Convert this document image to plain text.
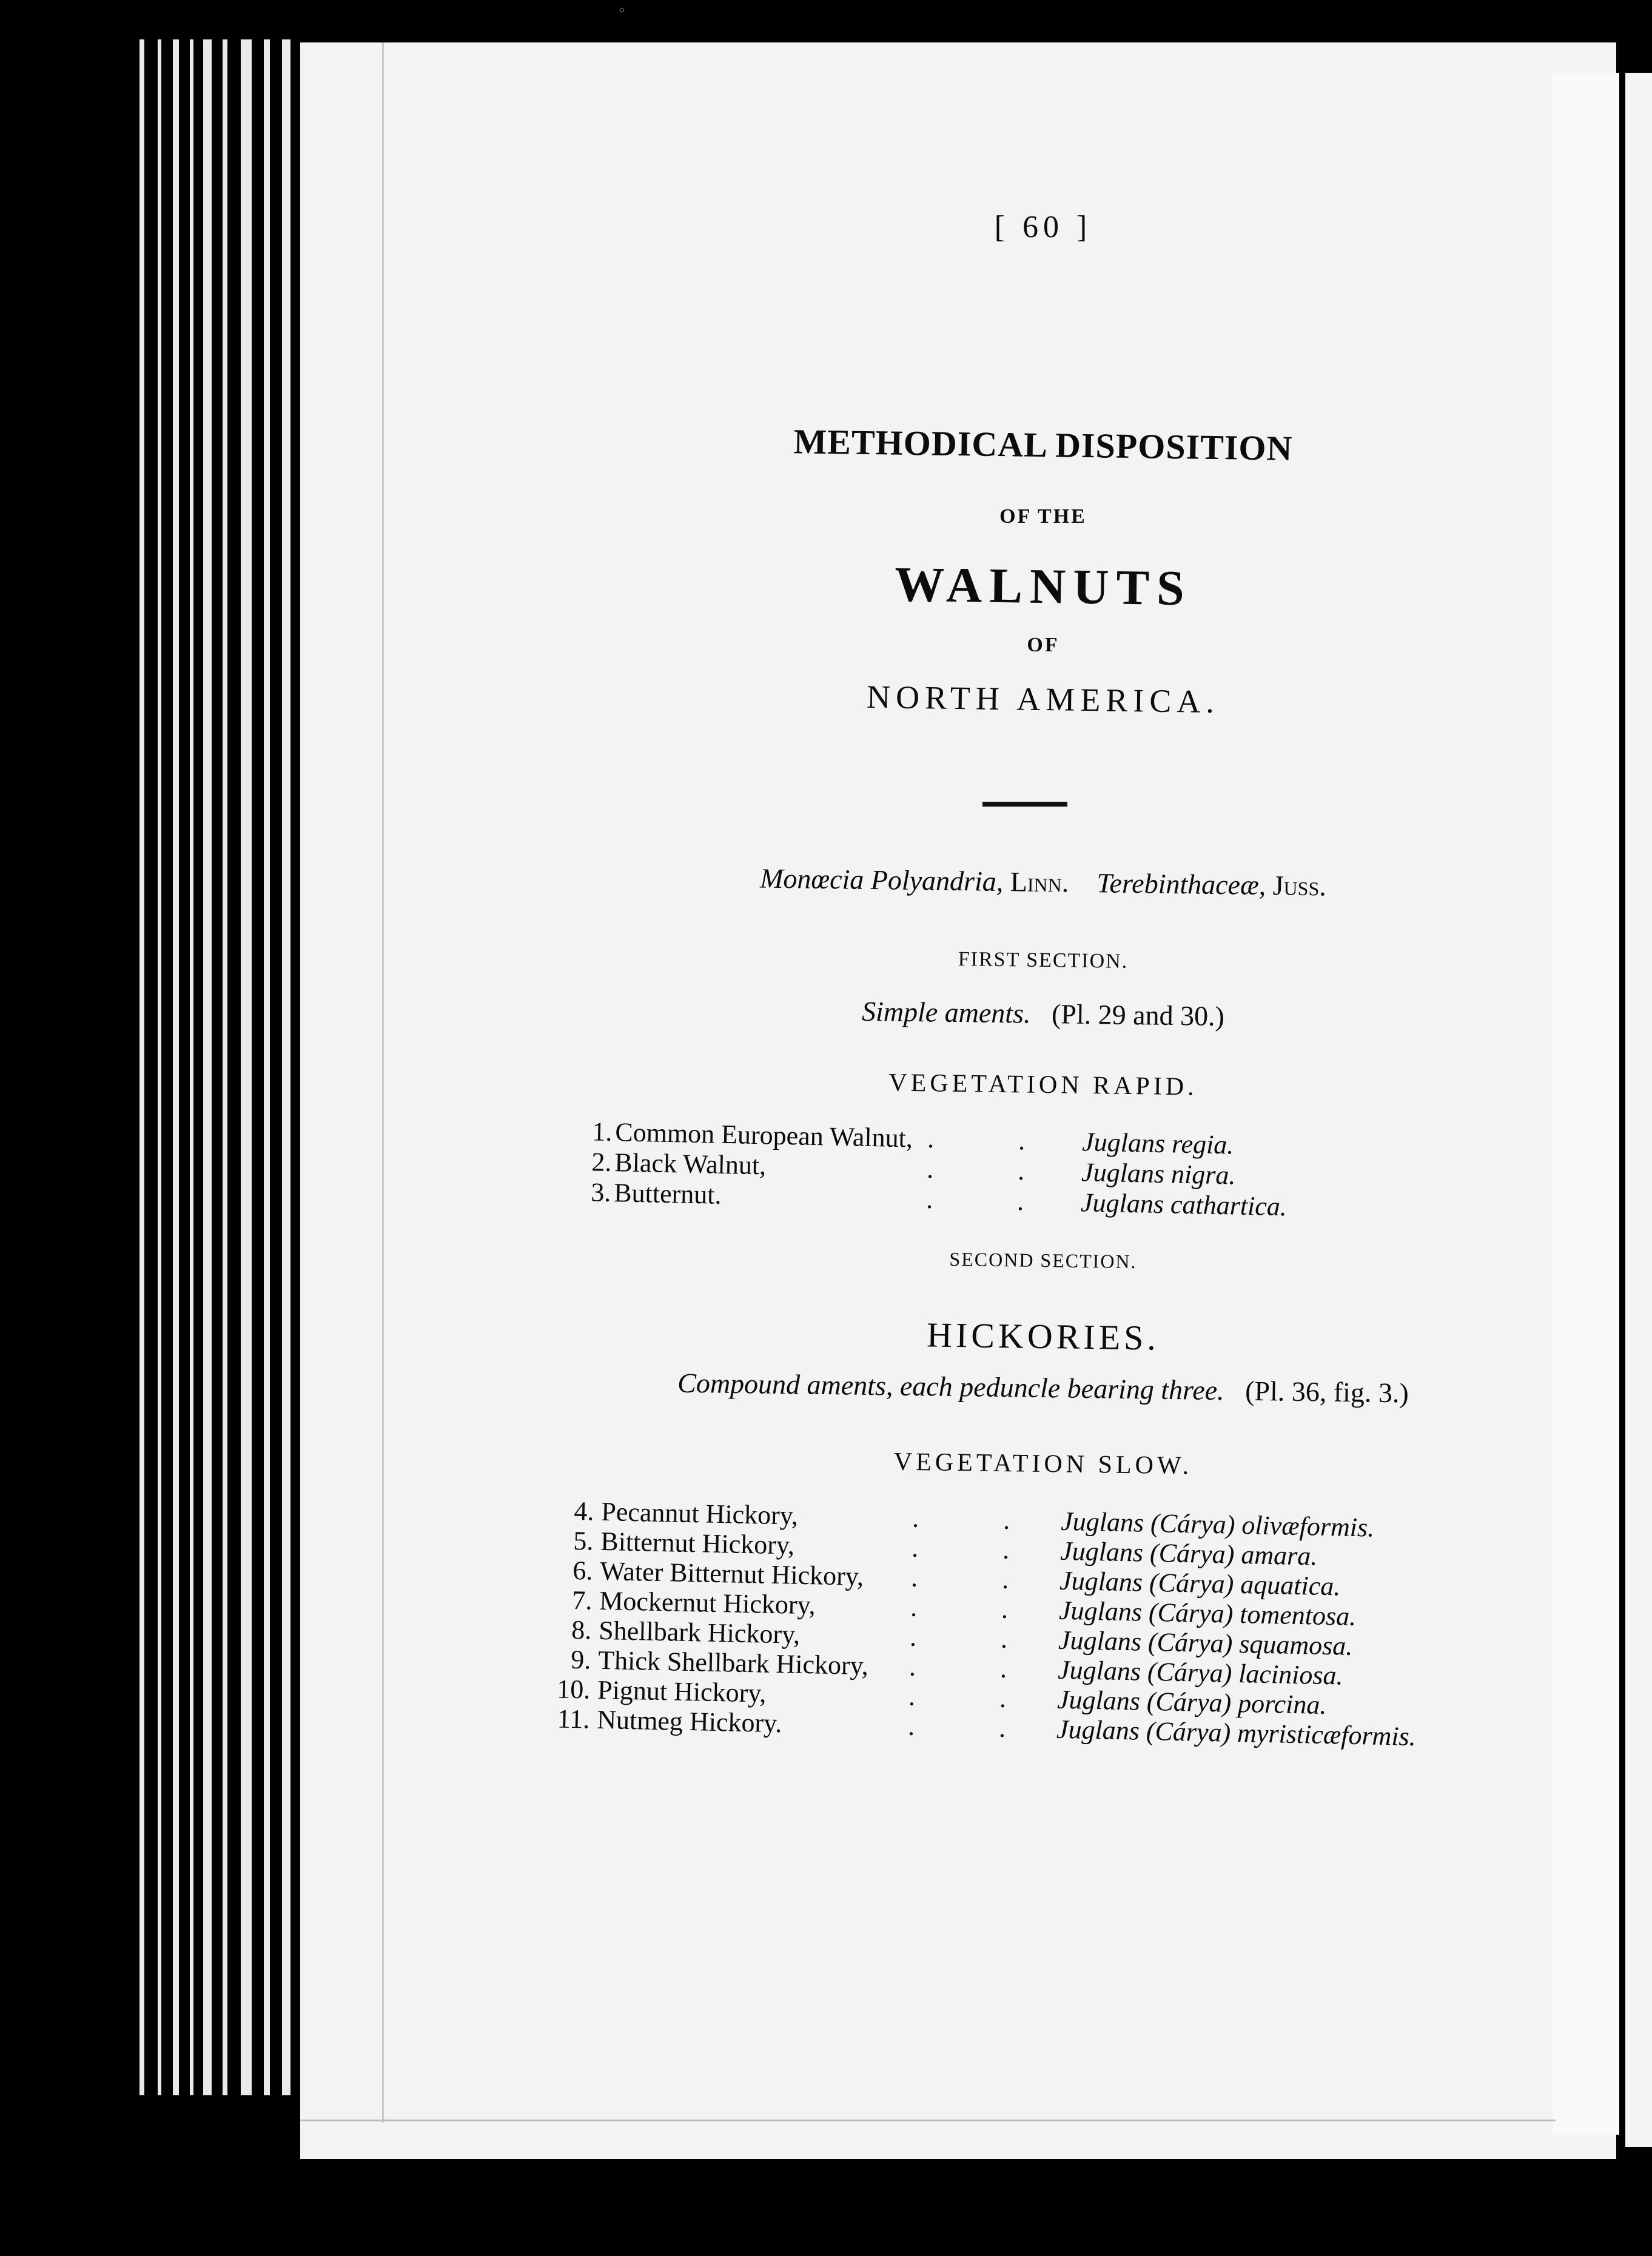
◦
[ 60 ]
METHODICAL DISPOSITION
OF THE
WALNUTS
OF
NORTH AMERICA.
Monœcia Polyandria, Linn. Terebinthaceæ, Juss.
FIRST SECTION.
Simple aments. (Pl. 29 and 30.)
VEGETATION RAPID.
1. Common European Walnut, .	. Juglans regia.
2. Black Walnut,	.	. Juglans nigra.
3. Butternut.	.	. Juglans cathartica.
SECOND SECTION.
HICKORIES.
Compound aments, each peduncle bearing three. (Pl. 36, fig. 3.)
VEGETATION SLOW.
4. Pecannut Hickory,	.	. Juglans (Cárya) olivæformis.
5. Bitternut Hickory,	.	. Juglans (Cárya) amara.
6. Water Bitternut Hickory, .	. Juglans (Cárya) aquatica.
7. Mockernut Hickory,	.	. Juglans (Cárya) tomentosa.
8. Shellbark Hickory,	.	. Juglans (Cárya) squamosa.
9. Thick Shellbark Hickory, .	. Juglans (Cárya) laciniosa.
10. Pignut Hickory,	.	. Juglans (Cárya) porcina.
11. Nutmeg Hickory.	.	. Juglans (Cárya) myristicæformis.
